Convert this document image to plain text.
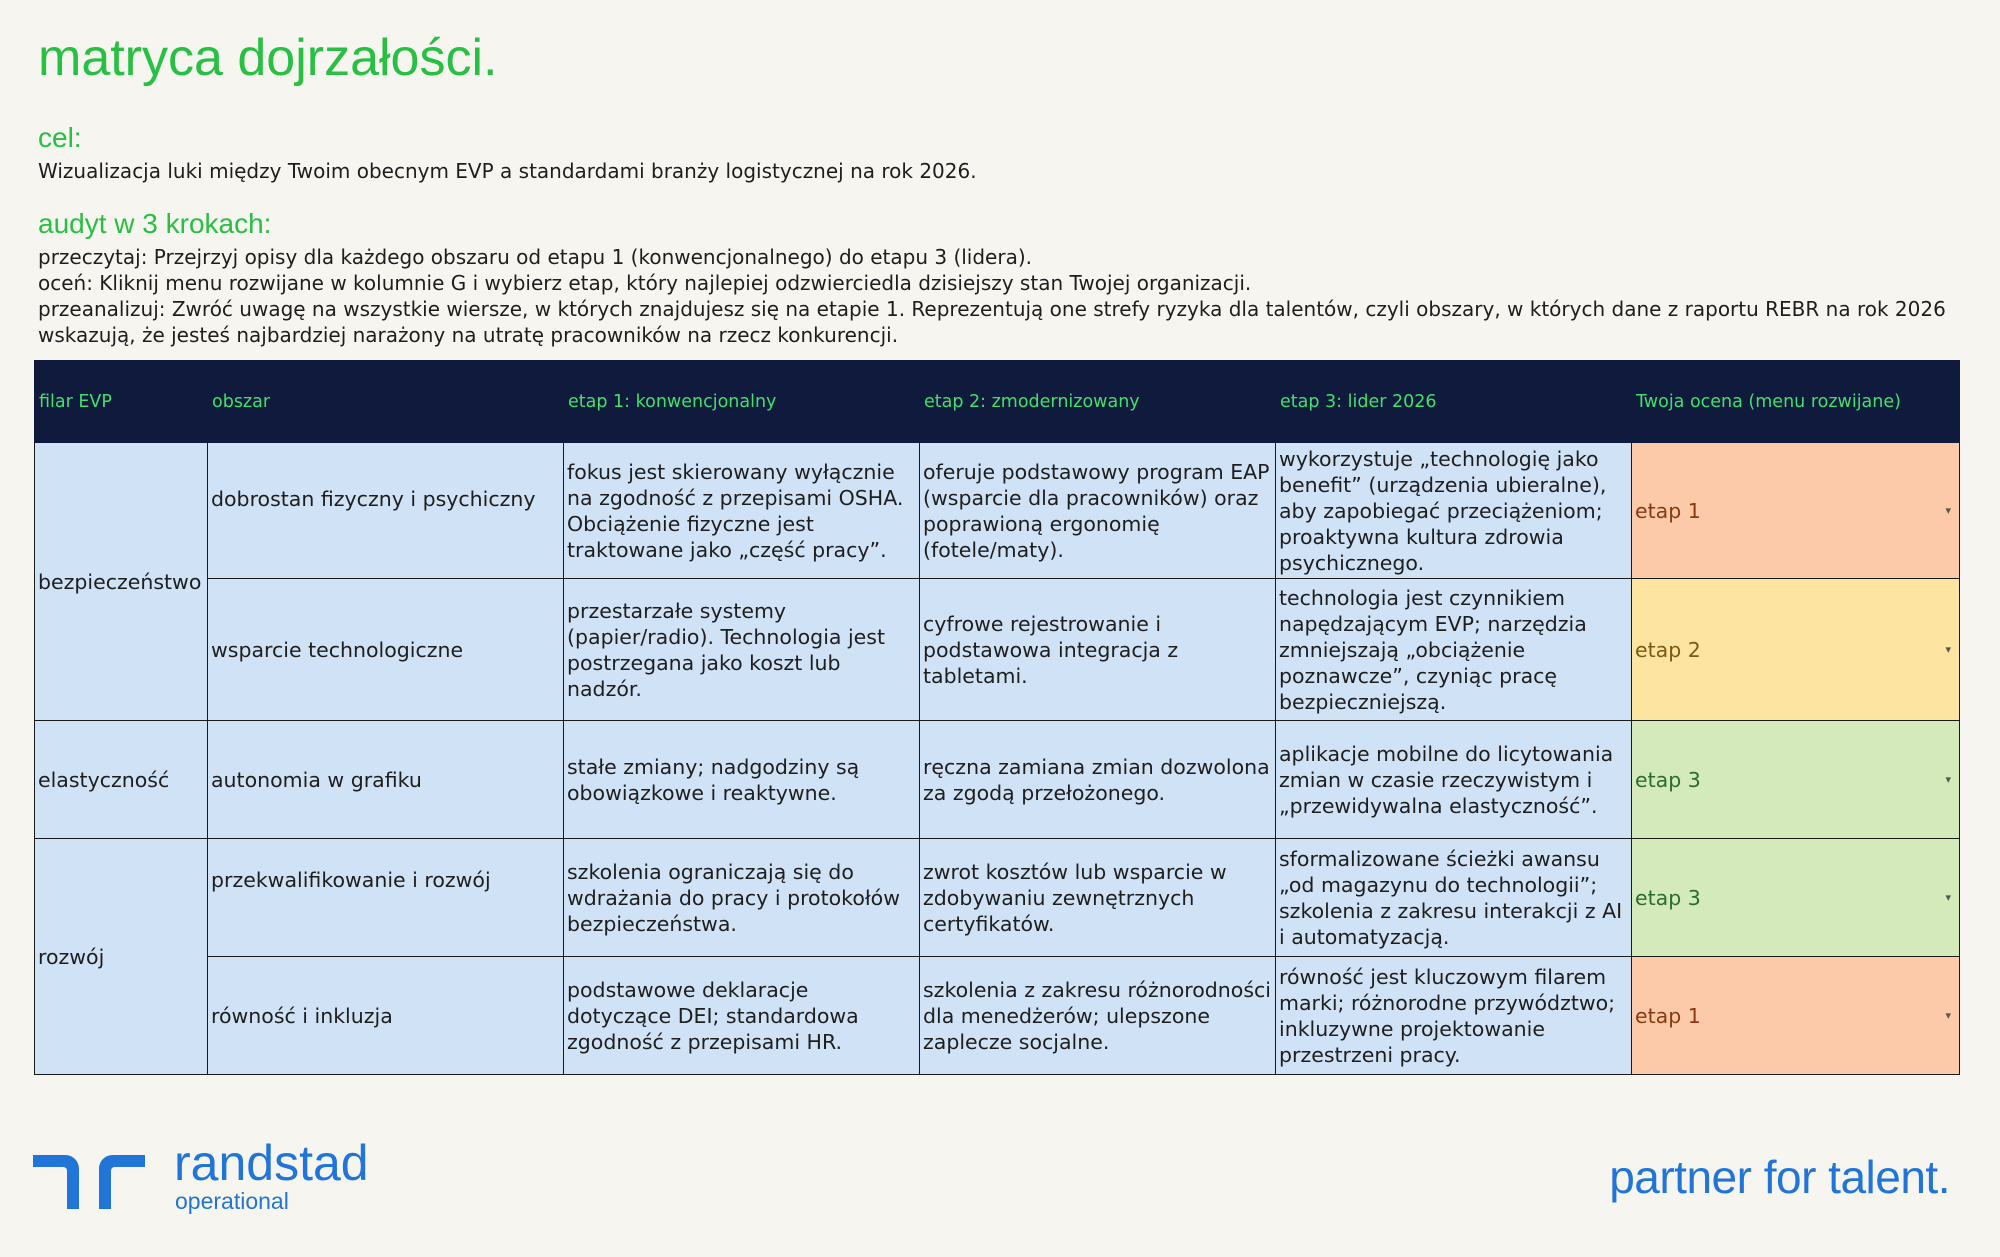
matryca dojrzałości.
cel:
Wizualizacja luki między Twoim obecnym EVP a standardami branży logistycznej na rok 2026.
audyt w 3 krokach:
przeczytaj: Przejrzyj opisy dla każdego obszaru od etapu 1 (konwencjonalnego) do etapu 3 (lidera).
oceń: Kliknij menu rozwijane w kolumnie G i wybierz etap, który najlepiej odzwierciedla dzisiejszy stan Twojej organizacji.
przeanalizuj: Zwróć uwagę na wszystkie wiersze, w których znajdujesz się na etapie 1. Reprezentują one strefy ryzyka dla talentów, czyli obszary, w których dane z raportu REBR na rok 2026 wskazują, że jesteś najbardziej narażony na utratę pracowników na rzecz konkurencji.
filar EVP	obszar	etap 1: konwencjonalny	etap 2: zmodernizowany	etap 3: lider 2026	Twoja ocena (menu rozwijane)
bezpieczeństwo	dobrostan fizyczny i psychiczny	fokus jest skierowany wyłącznie na zgodność z przepisami OSHA. Obciążenie fizyczne jest traktowane jako „część pracy”.	oferuje podstawowy program EAP (wsparcie dla pracowników) oraz poprawioną ergonomię (fotele/maty).	wykorzystuje „technologię jako benefit” (urządzenia ubieralne), aby zapobiegać przeciążeniom; proaktywna kultura zdrowia psychicznego.	etap 1 ▾

	wsparcie technologiczne	przestarzałe systemy (papier/radio). Technologia jest postrzegana jako koszt lub nadzór.	cyfrowe rejestrowanie i podstawowa integracja z tabletami.	technologia jest czynnikiem napędzającym EVP; narzędzia zmniejszają „obciążenie poznawcze”, czyniąc pracę bezpieczniejszą.	etap 2 ▾

elastyczność	autonomia w grafiku	stałe zmiany; nadgodziny są obowiązkowe i reaktywne.	ręczna zamiana zmian dozwolona za zgodą przełożonego.	aplikacje mobilne do licytowania zmian w czasie rzeczywistym i „przewidywalna elastyczność”.	etap 3 ▾

rozwój	przekwalifikowanie i rozwój	szkolenia ograniczają się do wdrażania do pracy i protokołów bezpieczeństwa.	zwrot kosztów lub wsparcie w zdobywaniu zewnętrznych certyfikatów.	sformalizowane ścieżki awansu „od magazynu do technologii”; szkolenia z zakresu interakcji z AI i automatyzacją.	etap 3 ▾

	równość i inkluzja	podstawowe deklaracje dotyczące DEI; standardowa zgodność z przepisami HR.	szkolenia z zakresu różnorodności dla menedżerów; ulepszone zaplecze socjalne.	równość jest kluczowym filarem marki; różnorodne przywództwo; inkluzywne projektowanie przestrzeni pracy.	etap 1 ▾
randstad
operational	partner for talent.
